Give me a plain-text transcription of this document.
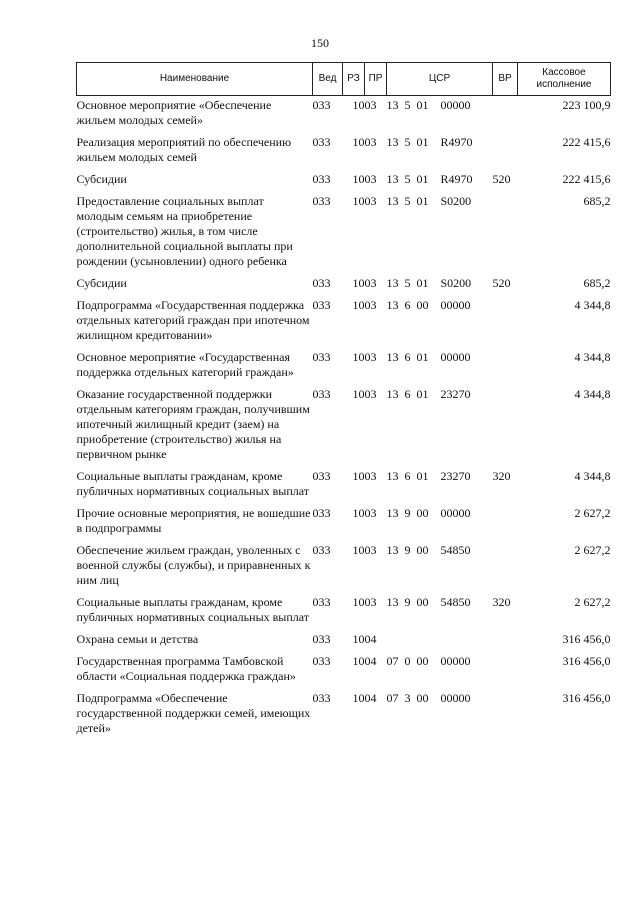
150
Наименование	Вед	РЗ	ПР	ЦСР	ВР	Кассовое исполнение
Основное мероприятие «Обеспечение жильем молодых семей»	033	10	03	13  5  01    00000		223 100,9
Реализация мероприятий по обеспечению жильем молодых семей	033	10	03	13  5  01    R4970		222 415,6
Субсидии	033	10	03	13  5  01    R4970	520	222 415,6
Предоставление социальных выплат молодым семьям на приобретение (строительство) жилья, в том числе дополнительной социальной выплаты при рождении (усыновлении) одного ребенка	033	10	03	13  5  01    S0200		685,2
Субсидии	033	10	03	13  5  01    S0200	520	685,2
Подпрограмма «Государственная поддержка отдельных категорий граждан при ипотечном жилищном кредитовании»	033	10	03	13  6  00    00000		4 344,8
Основное мероприятие «Государственная поддержка отдельных категорий граждан»	033	10	03	13  6  01    00000		4 344,8
Оказание государственной поддержки отдельным категориям граждан, получившим ипотечный жилищный кредит (заем) на приобретение (строительство) жилья на первичном рынке	033	10	03	13  6  01    23270		4 344,8
Социальные выплаты гражданам, кроме публичных нормативных социальных выплат	033	10	03	13  6  01    23270	320	4 344,8
Прочие основные мероприятия, не вошедшие в подпрограммы	033	10	03	13  9  00    00000		2 627,2
Обеспечение жильем граждан, уволенных с военной службы (службы), и приравненных к ним лиц	033	10	03	13  9  00    54850		2 627,2
Социальные выплаты гражданам, кроме публичных нормативных социальных выплат	033	10	03	13  9  00    54850	320	2 627,2
Охрана семьи и детства	033	10	04			316 456,0
Государственная программа Тамбовской области «Социальная поддержка граждан»	033	10	04	07  0  00    00000		316 456,0
Подпрограмма «Обеспечение государственной поддержки семей, имеющих детей»	033	10	04	07  3  00    00000		316 456,0
